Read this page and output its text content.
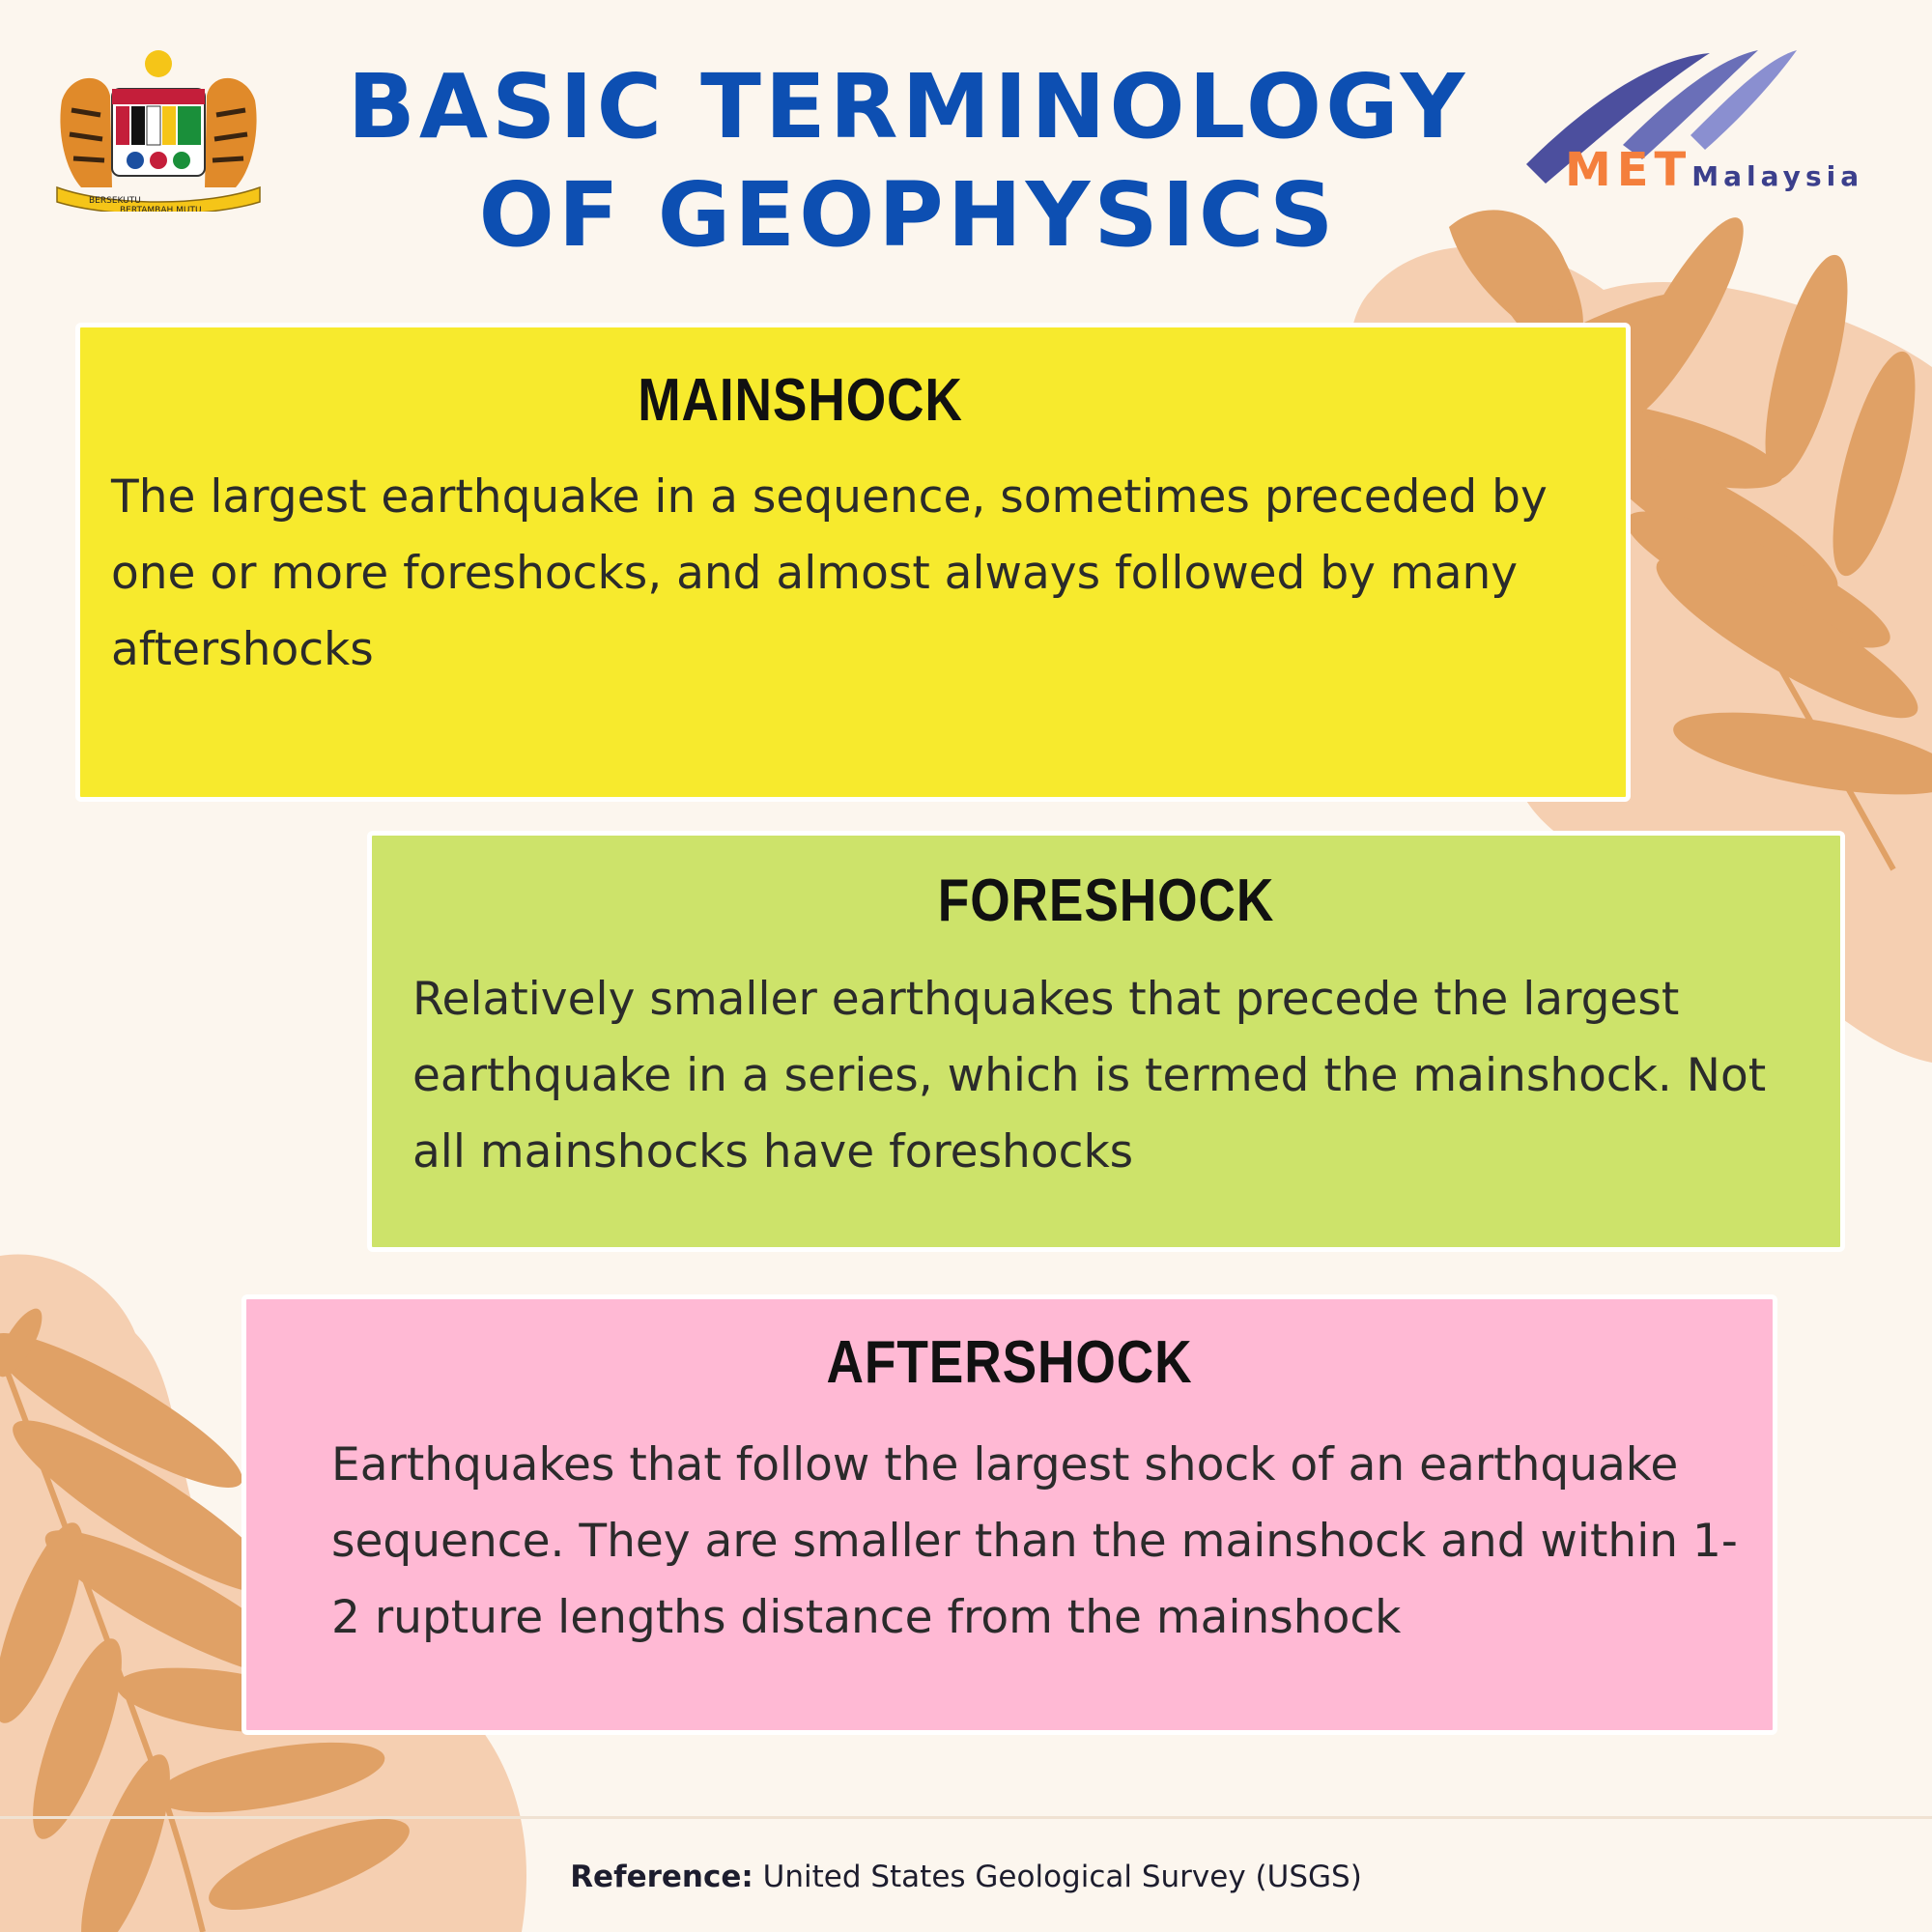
BERSEKUTU
BERTAMBAH MUTU
METMalaysia
BASIC TERMINOLOGY
OF GEOPHYSICS
MAINSHOCK

The largest earthquake in a sequence, sometimes preceded by one or more foreshocks, and almost always followed by many aftershocks

FORESHOCK

Relatively smaller earthquakes that precede the largest earthquake in a series, which is termed the mainshock. Not all mainshocks have foreshocks

AFTERSHOCK

Earthquakes that follow the largest shock of an earthquake sequence. They are smaller than the mainshock and within 1-2 rupture lengths distance from the mainshock

Reference: United States Geological Survey (USGS)
